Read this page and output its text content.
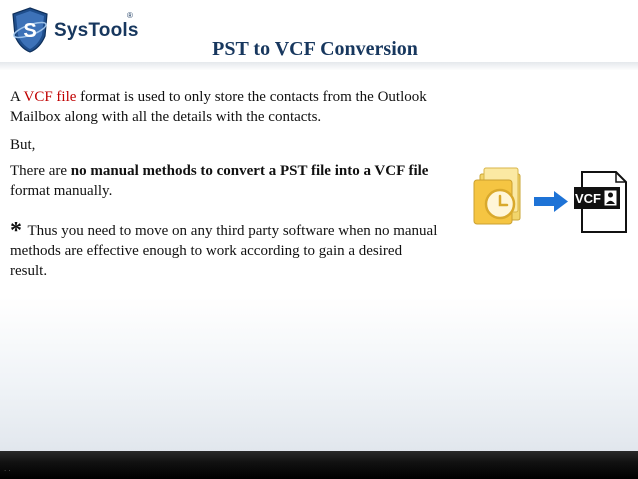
S SysTools
®
PST to VCF Conversion

A VCF file format is used to only store the contacts from the Outlook Mailbox along with all the details with the contacts.

But,

There are no manual methods to convert a PST file into a VCF file format manually.

* Thus you need to move on any third party software when no manual methods are effective enough to work according to gain a desired result.

VCF
· ·
